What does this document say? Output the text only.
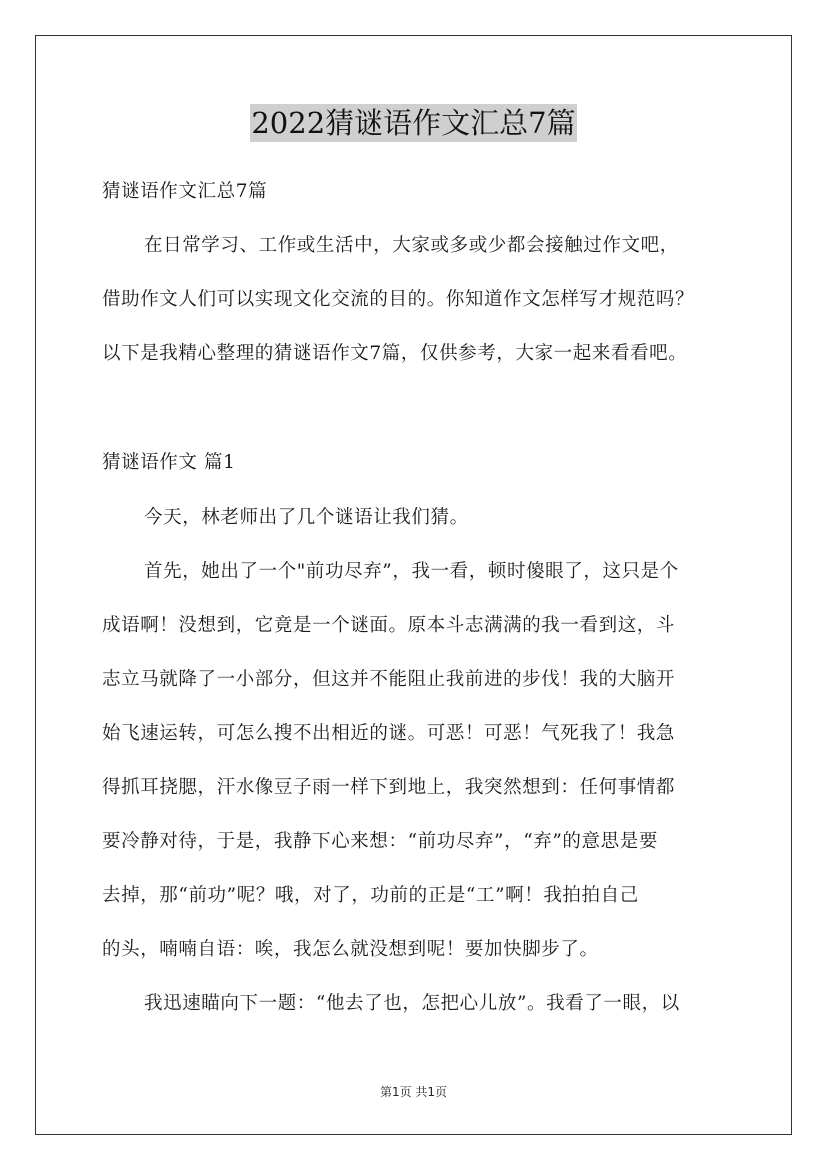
2022猜谜语作文汇总7篇
猜谜语作文汇总7篇
在日常学习、工作或生活中，大家或多或少都会接触过作文吧，
借助作文人们可以实现文化交流的目的。你知道作文怎样写才规范吗？
以下是我精心整理的猜谜语作文7篇，仅供参考，大家一起来看看吧。
猜谜语作文 篇1
今天，林老师出了几个谜语让我们猜。
首先，她出了一个"前功尽弃”，我一看，顿时傻眼了，这只是个
成语啊！没想到，它竟是一个谜面。原本斗志满满的我一看到这，斗
志立马就降了一小部分，但这并不能阻止我前进的步伐！我的大脑开
始飞速运转，可怎么搜不出相近的谜。可恶！可恶！气死我了！我急
得抓耳挠腮，汗水像豆子雨一样下到地上，我突然想到：任何事情都
要冷静对待，于是，我静下心来想：“前功尽弃”，“弃”的意思是要
去掉，那“前功”呢？哦，对了，功前的正是“工”啊！我拍拍自己
的头，喃喃自语：唉，我怎么就没想到呢！要加快脚步了。
我迅速瞄向下一题：“他去了也，怎把心儿放”。我看了一眼，以
第1页 共1页
